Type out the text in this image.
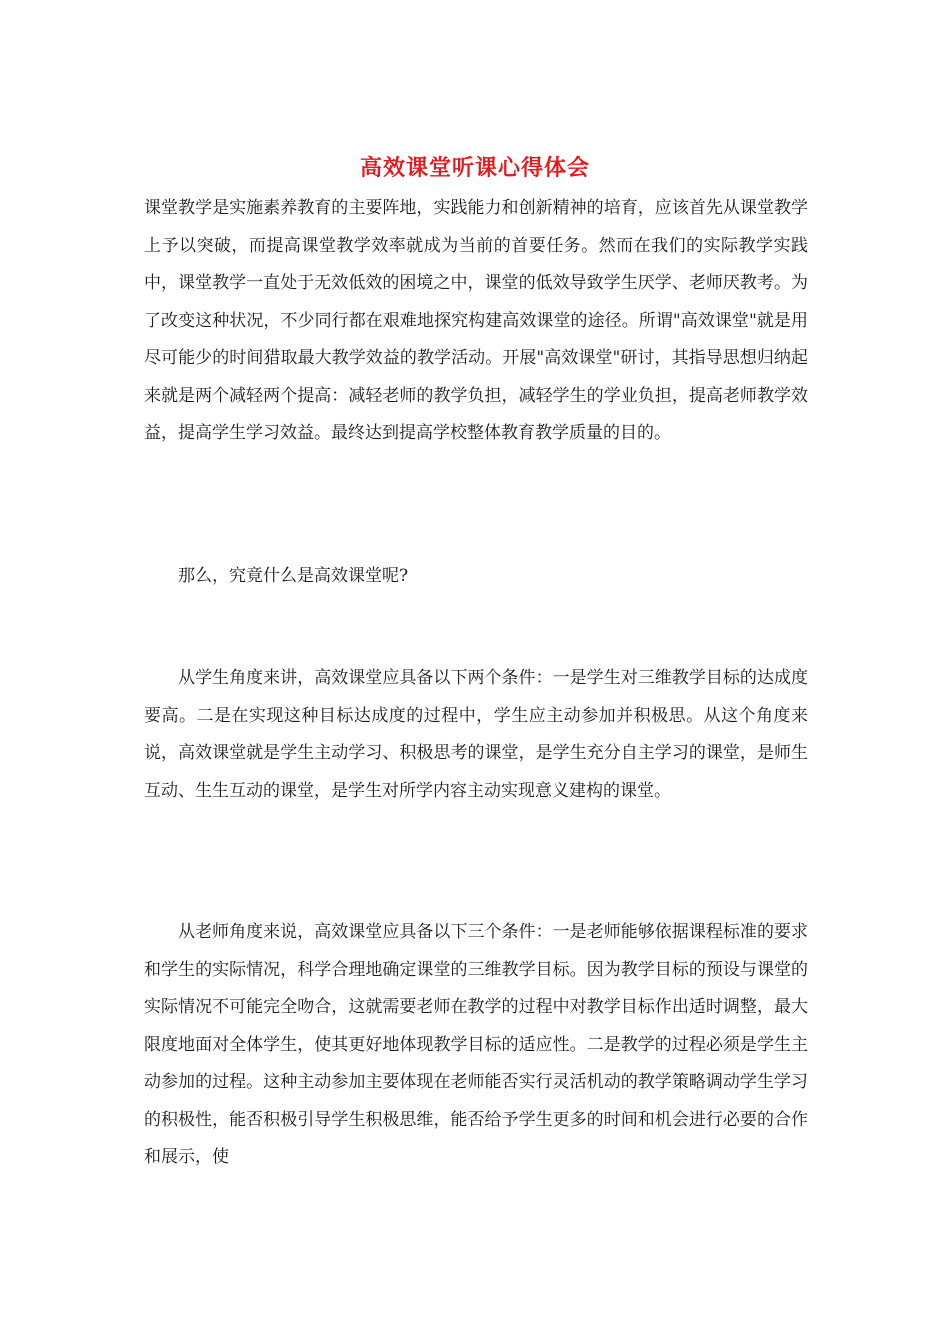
高效课堂听课心得体会

课堂教学是实施素养教育的主要阵地，实践能力和创新精神的培育，应该首先从课堂教学上予以突破，而提高课堂教学效率就成为当前的首要任务。然而在我们的实际教学实践中，课堂教学一直处于无效低效的困境之中，课堂的低效导致学生厌学、老师厌教考。为了改变这种状况，不少同行都在艰难地探究构建高效课堂的途径。所谓"高效课堂"就是用尽可能少的时间猎取最大教学效益的教学活动。开展"高效课堂"研讨，其指导思想归纳起来就是两个减轻两个提高：减轻老师的教学负担，减轻学生的学业负担，提高老师教学效益，提高学生学习效益。最终达到提高学校整体教育教学质量的目的。

那么，究竟什么是高效课堂呢?

从学生角度来讲，高效课堂应具备以下两个条件：一是学生对三维教学目标的达成度要高。二是在实现这种目标达成度的过程中，学生应主动参加并积极思。从这个角度来说，高效课堂就是学生主动学习、积极思考的课堂，是学生充分自主学习的课堂，是师生互动、生生互动的课堂，是学生对所学内容主动实现意义建构的课堂。

从老师角度来说，高效课堂应具备以下三个条件：一是老师能够依据课程标准的要求和学生的实际情况，科学合理地确定课堂的三维教学目标。因为教学目标的预设与课堂的实际情况不可能完全吻合，这就需要老师在教学的过程中对教学目标作出适时调整，最大限度地面对全体学生，使其更好地体现教学目标的适应性。二是教学的过程必须是学生主动参加的过程。这种主动参加主要体现在老师能否实行灵活机动的教学策略调动学生学习的积极性，能否积极引导学生积极思维，能否给予学生更多的时间和机会进行必要的合作和展示，使
